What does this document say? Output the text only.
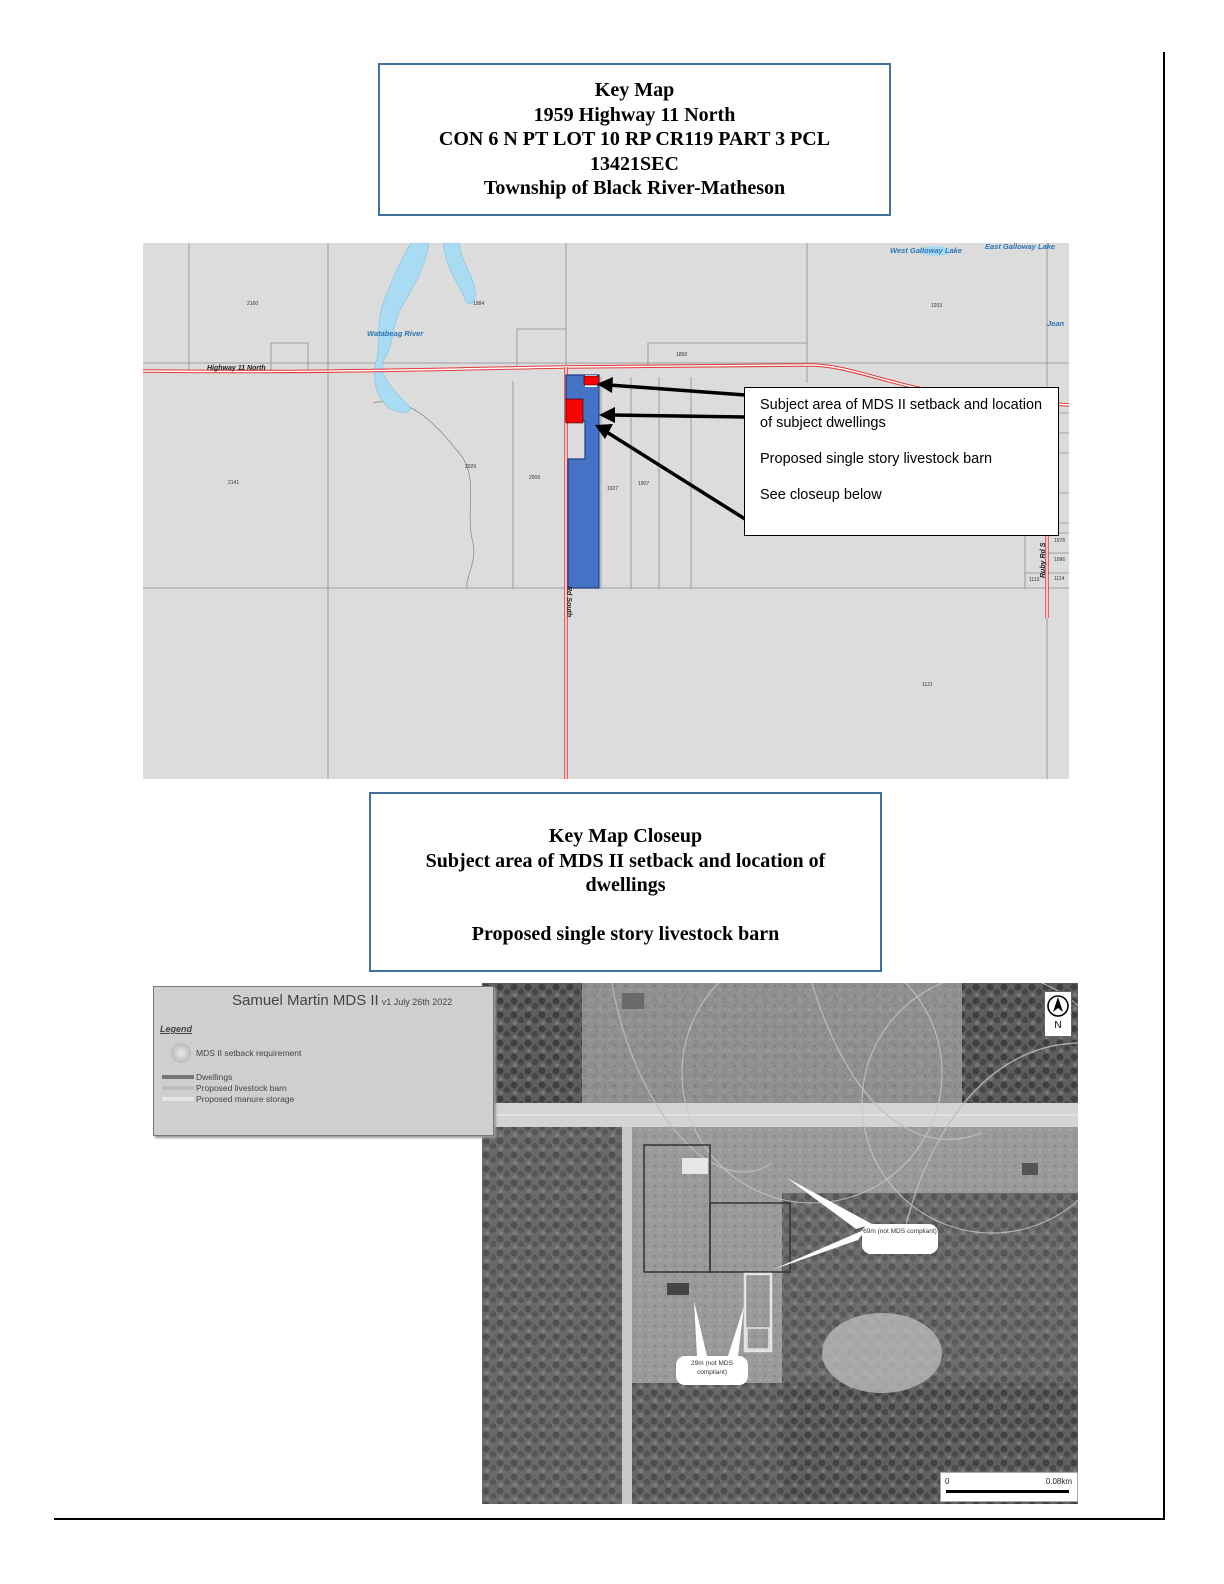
Key Map
1959 Highway 11 North
CON 6 N PT LOT 10 RP CR119 PART 3 PCL
13421SEC
Township of Black River-Matheson
2160	1984	1203
1850
2141
2029
2009
1927
1907
1121
1076
1096
1113	1114
West Galloway Lake	East Galloway Lake
Jean
Watabeag River
Highway 11 North
Rd South
Ruby Rd S
Subject area of MDS II setback and location of subject dwellings
Proposed single story livestock barn
See closeup below
Key Map Closeup
Subject area of MDS II setback and location of
dwellings
Proposed single story livestock barn
Samuel Martin MDS II v1 July 26th 2022
Legend
MDS II setback requirement
Dwellings
Proposed livestock barn
Proposed manure storage
N
69m (not MDS compliant)
29m (not MDS compliant)
0	0.08km
